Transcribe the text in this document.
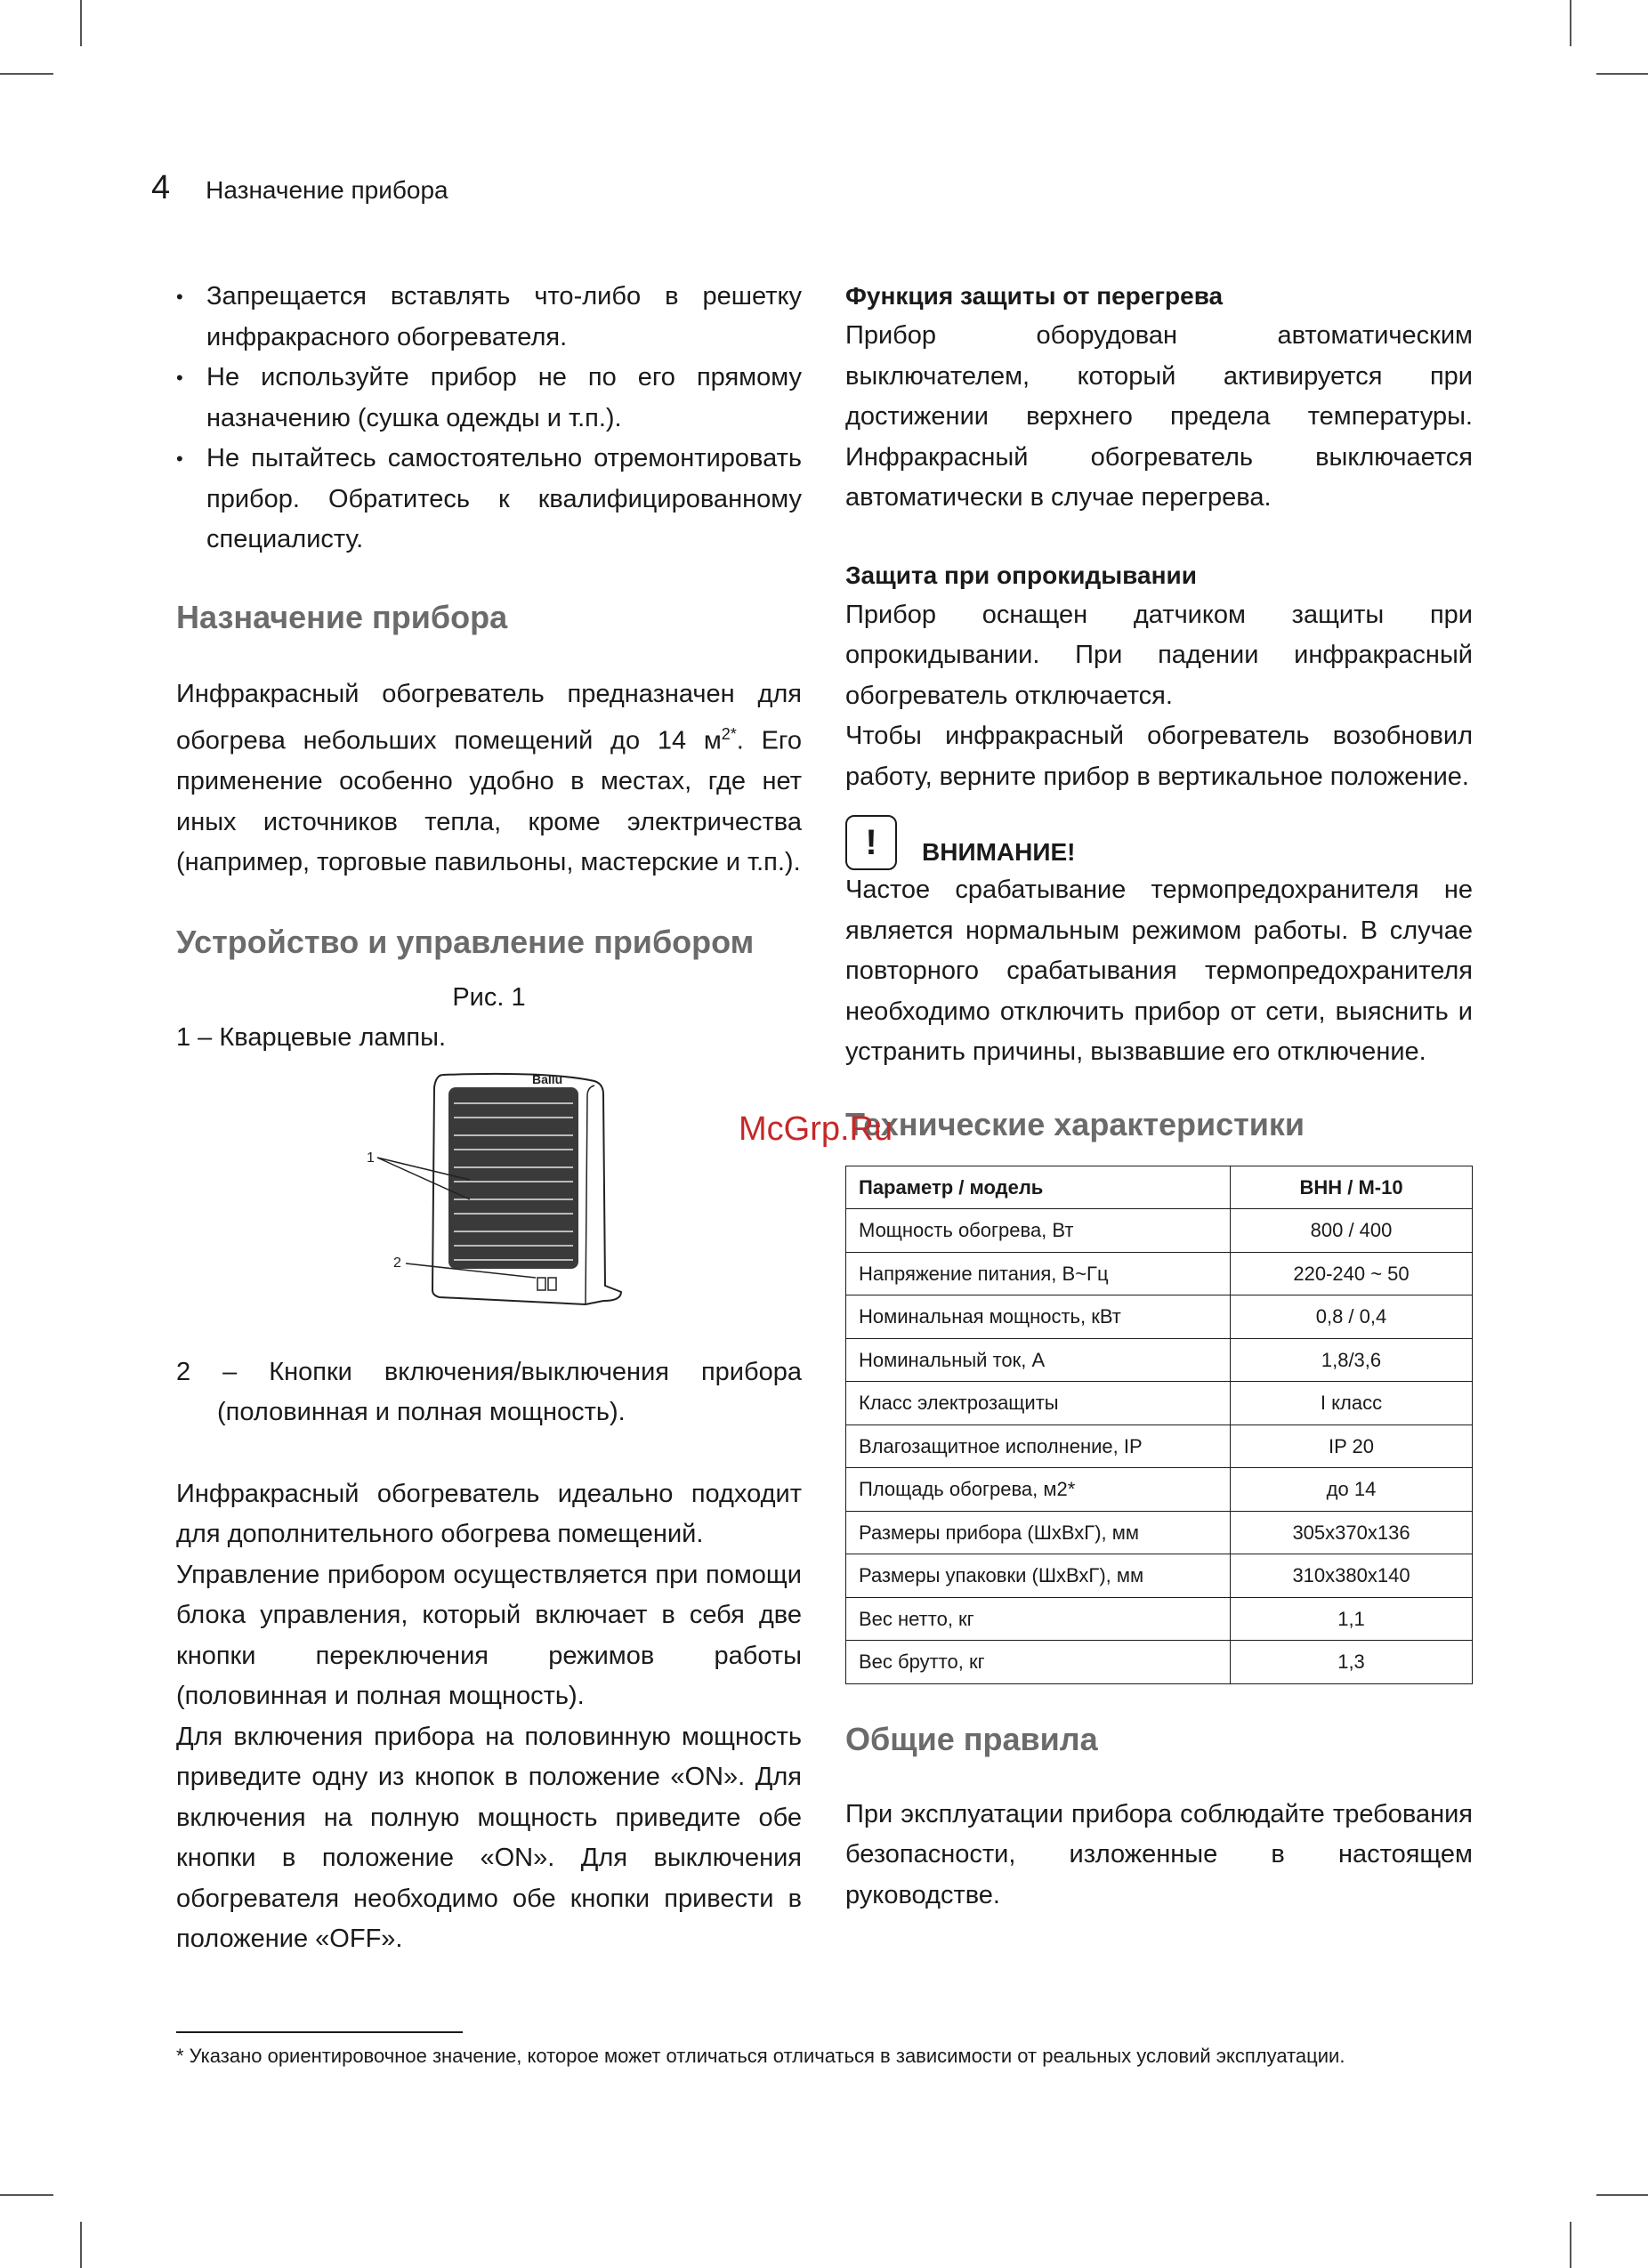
4 Назначение прибора
• Запрещается вставлять что-либо в решетку инфракрасного обогревателя.
• Не используйте прибор не по его прямому назначению (сушка одежды и т.п.).
• Не пытайтесь самостоятельно отремонтировать прибор. Обратитесь к квалифицированному специалисту.
Назначение прибора

Инфракрасный обогреватель предназначен для обогрева небольших помещений до 14 $м^{2*}$. Его применение особенно удобно в местах, где нет иных источников тепла, кроме электричества (например, торговые павильоны, мастерские и т.п.).

Устройство и управление прибором

Рис. 1

1 – Кварцевые лампы.

Ballu
1
2

2 – Кнопки включения/выключения прибора (половинная и полная мощность).

Инфракрасный обогреватель идеально подходит для дополнительного обогрева помещений.

Управление прибором осуществляется при помощи блока управления, который включает в себя две кнопки переключения режимов работы (половинная и полная мощность).

Для включения прибора на половинную мощность приведите одну из кнопок в положение «ON». Для включения на полную мощность приведите обе кнопки в положение «ON». Для выключения обогревателя необходимо обе кнопки привести в положение «OFF».

Функция защиты от перегрева

Прибор оборудован автоматическим выключателем, который активируется при достижении верхнего предела температуры. Инфракрасный обогреватель выключается автоматически в случае перегрева.

Защита при опрокидывании

Прибор оснащен датчиком защиты при опрокидывании. При падении инфракрасный обогреватель отключается.

Чтобы инфракрасный обогреватель возобновил работу, верните прибор в вертикальное положение.

!	ВНИМАНИЕ!

Частое срабатывание термопредохранителя не является нормальным режимом работы. В случае повторного срабатывания термопредохранителя необходимо отключить прибор от сети, выяснить и устранить причины, вызвавшие его отключение.

Технические характеристики
Параметр / модель	BHH / M-10
Мощность обогрева, Вт	800 / 400
Напряжение питания, В~Гц	220-240 ~ 50
Номинальная мощность, кВт	0,8 / 0,4
Номинальный ток, А	1,8/3,6
Класс электрозащиты	I класс
Влагозащитное исполнение, IP	IP 20
Площадь обогрева, м2*	до 14
Размеры прибора (ШхВхГ), мм	305x370x136
Размеры упаковки (ШхВхГ), мм	310x380x140
Вес нетто, кг	1,1
Вес брутто, кг	1,3
Общие правила

При эксплуатации прибора соблюдайте требования безопасности, изложенные в настоящем руководстве.

McGrp.Ru
* Указано ориентировочное значение, которое может отличаться отличаться в зависимости от реальных условий эксплуатации.
